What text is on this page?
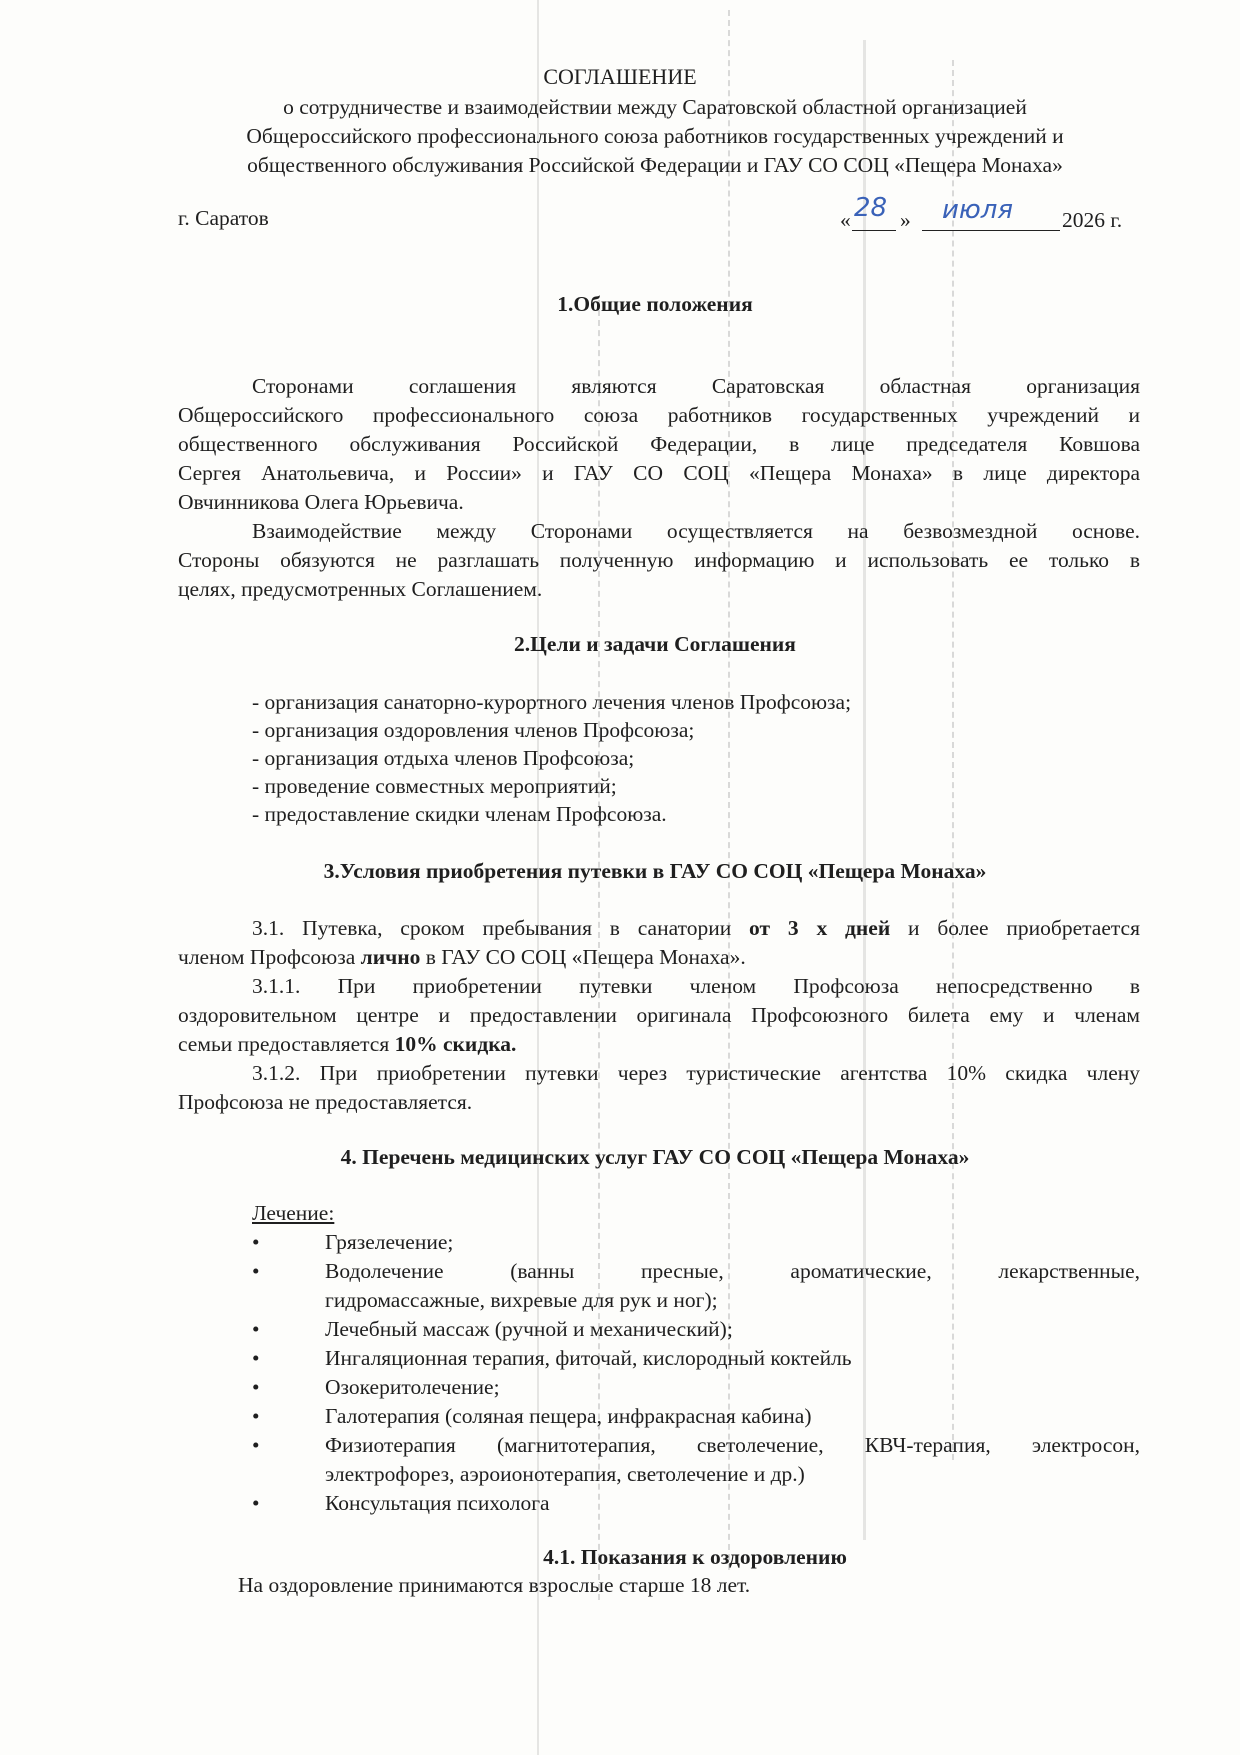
СОГЛАШЕНИЕ
о сотрудничестве и взаимодействии между Саратовской областной организацией
Общероссийского профессионального союза работников государственных учреждений и
общественного обслуживания Российской Федерации и ГАУ СО СОЦ «Пещера Монаха»
г. Саратов	« 28 » июля 2026 г.
1.Общие положения
Сторонами соглашения являются Саратовская областная организация
Общероссийского профессионального союза работников государственных учреждений и
общественного обслуживания Российской Федерации, в лице председателя Ковшова
Сергея Анатольевича, и России» и ГАУ СО СОЦ «Пещера Монаха» в лице директора
Овчинникова Олега Юрьевича.
Взаимодействие между Сторонами осуществляется на безвозмездной основе.
Стороны обязуются не разглашать полученную информацию и использовать ее только в
целях, предусмотренных Соглашением.
2.Цели и задачи Соглашения
- организация санаторно-курортного лечения членов Профсоюза;
- организация оздоровления членов Профсоюза;
- организация отдыха членов Профсоюза;
- проведение совместных мероприятий;
- предоставление скидки членам Профсоюза.
3.Условия приобретения путевки в ГАУ СО СОЦ «Пещера Монаха»
3.1. Путевка, сроком пребывания в санатории от 3 х дней и более приобретается
членом Профсоюза лично в ГАУ СО СОЦ «Пещера Монаха».
3.1.1. При приобретении путевки членом Профсоюза непосредственно в
оздоровительном центре и предоставлении оригинала Профсоюзного билета ему и членам
семьи предоставляется 10% скидка.
3.1.2. При приобретении путевки через туристические агентства 10% скидка члену
Профсоюза не предоставляется.
4. Перечень медицинских услуг ГАУ СО СОЦ «Пещера Монаха»
Лечение:
•	Грязелечение;
•	Водолечение (ванны пресные, ароматические, лекарственные,
гидромассажные, вихревые для рук и ног);
•	Лечебный массаж (ручной и механический);
•	Ингаляционная терапия, фиточай, кислородный коктейль
•	Озокеритолечение;
•	Галотерапия (соляная пещера, инфракрасная кабина)
•	Физиотерапия (магнитотерапия, светолечение, КВЧ-терапия, электросон,
электрофорез, аэроионотерапия, светолечение и др.)
•	Консультация психолога
4.1. Показания к оздоровлению
На оздоровление принимаются взрослые старше 18 лет.
